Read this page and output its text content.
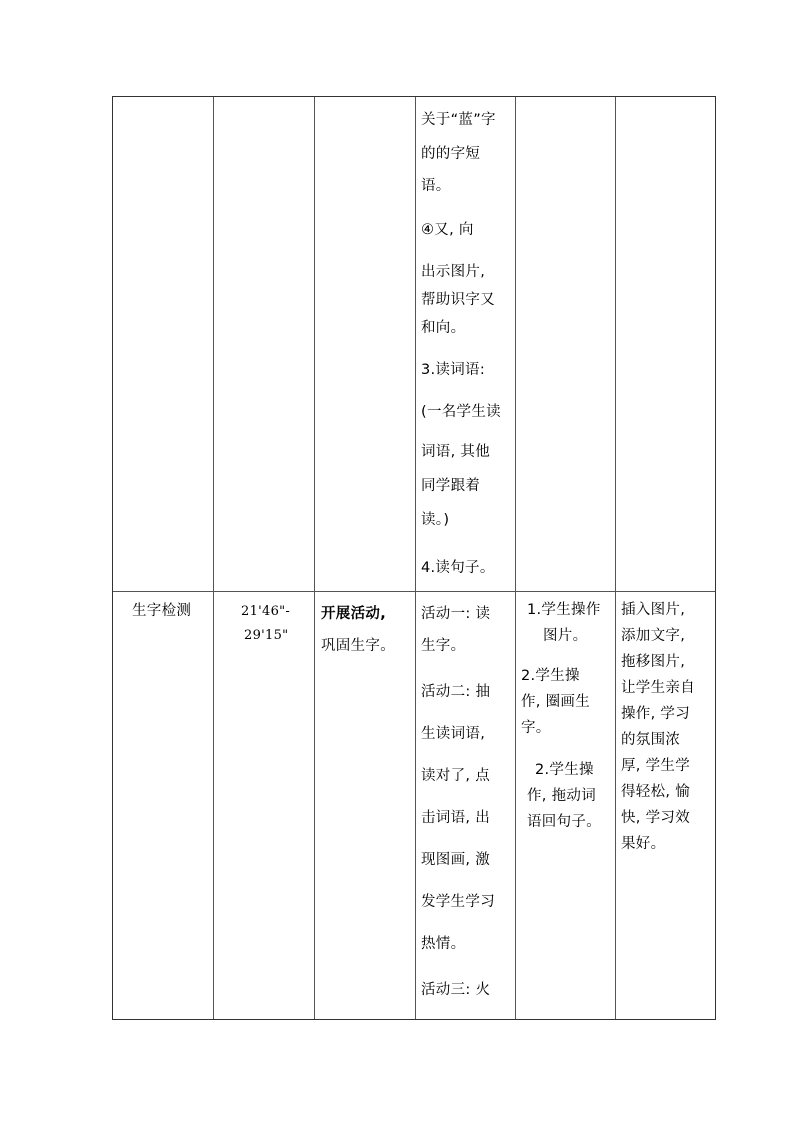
关于“蓝”字
的的字短
语。
④又, 向
出示图片,
帮助识字又
和向。
3.读词语:
(一名学生读
词语, 其他
同学跟着
读。)
4.读句子。
生字检测	21'46"-
29'15"
开展活动,
巩固生字。
活动一: 读
生字。
活动二: 抽
生读词语,
读对了, 点
击词语, 出
现图画, 激
发学生学习
热情。
活动三: 火
1.学生操作
图片。
2.学生操
作, 圈画生
字。
2.学生操
作, 拖动词
语回句子。
插入图片,
添加文字,
拖移图片,
让学生亲自
操作, 学习
的氛围浓
厚, 学生学
得轻松, 愉
快, 学习效
果好。
